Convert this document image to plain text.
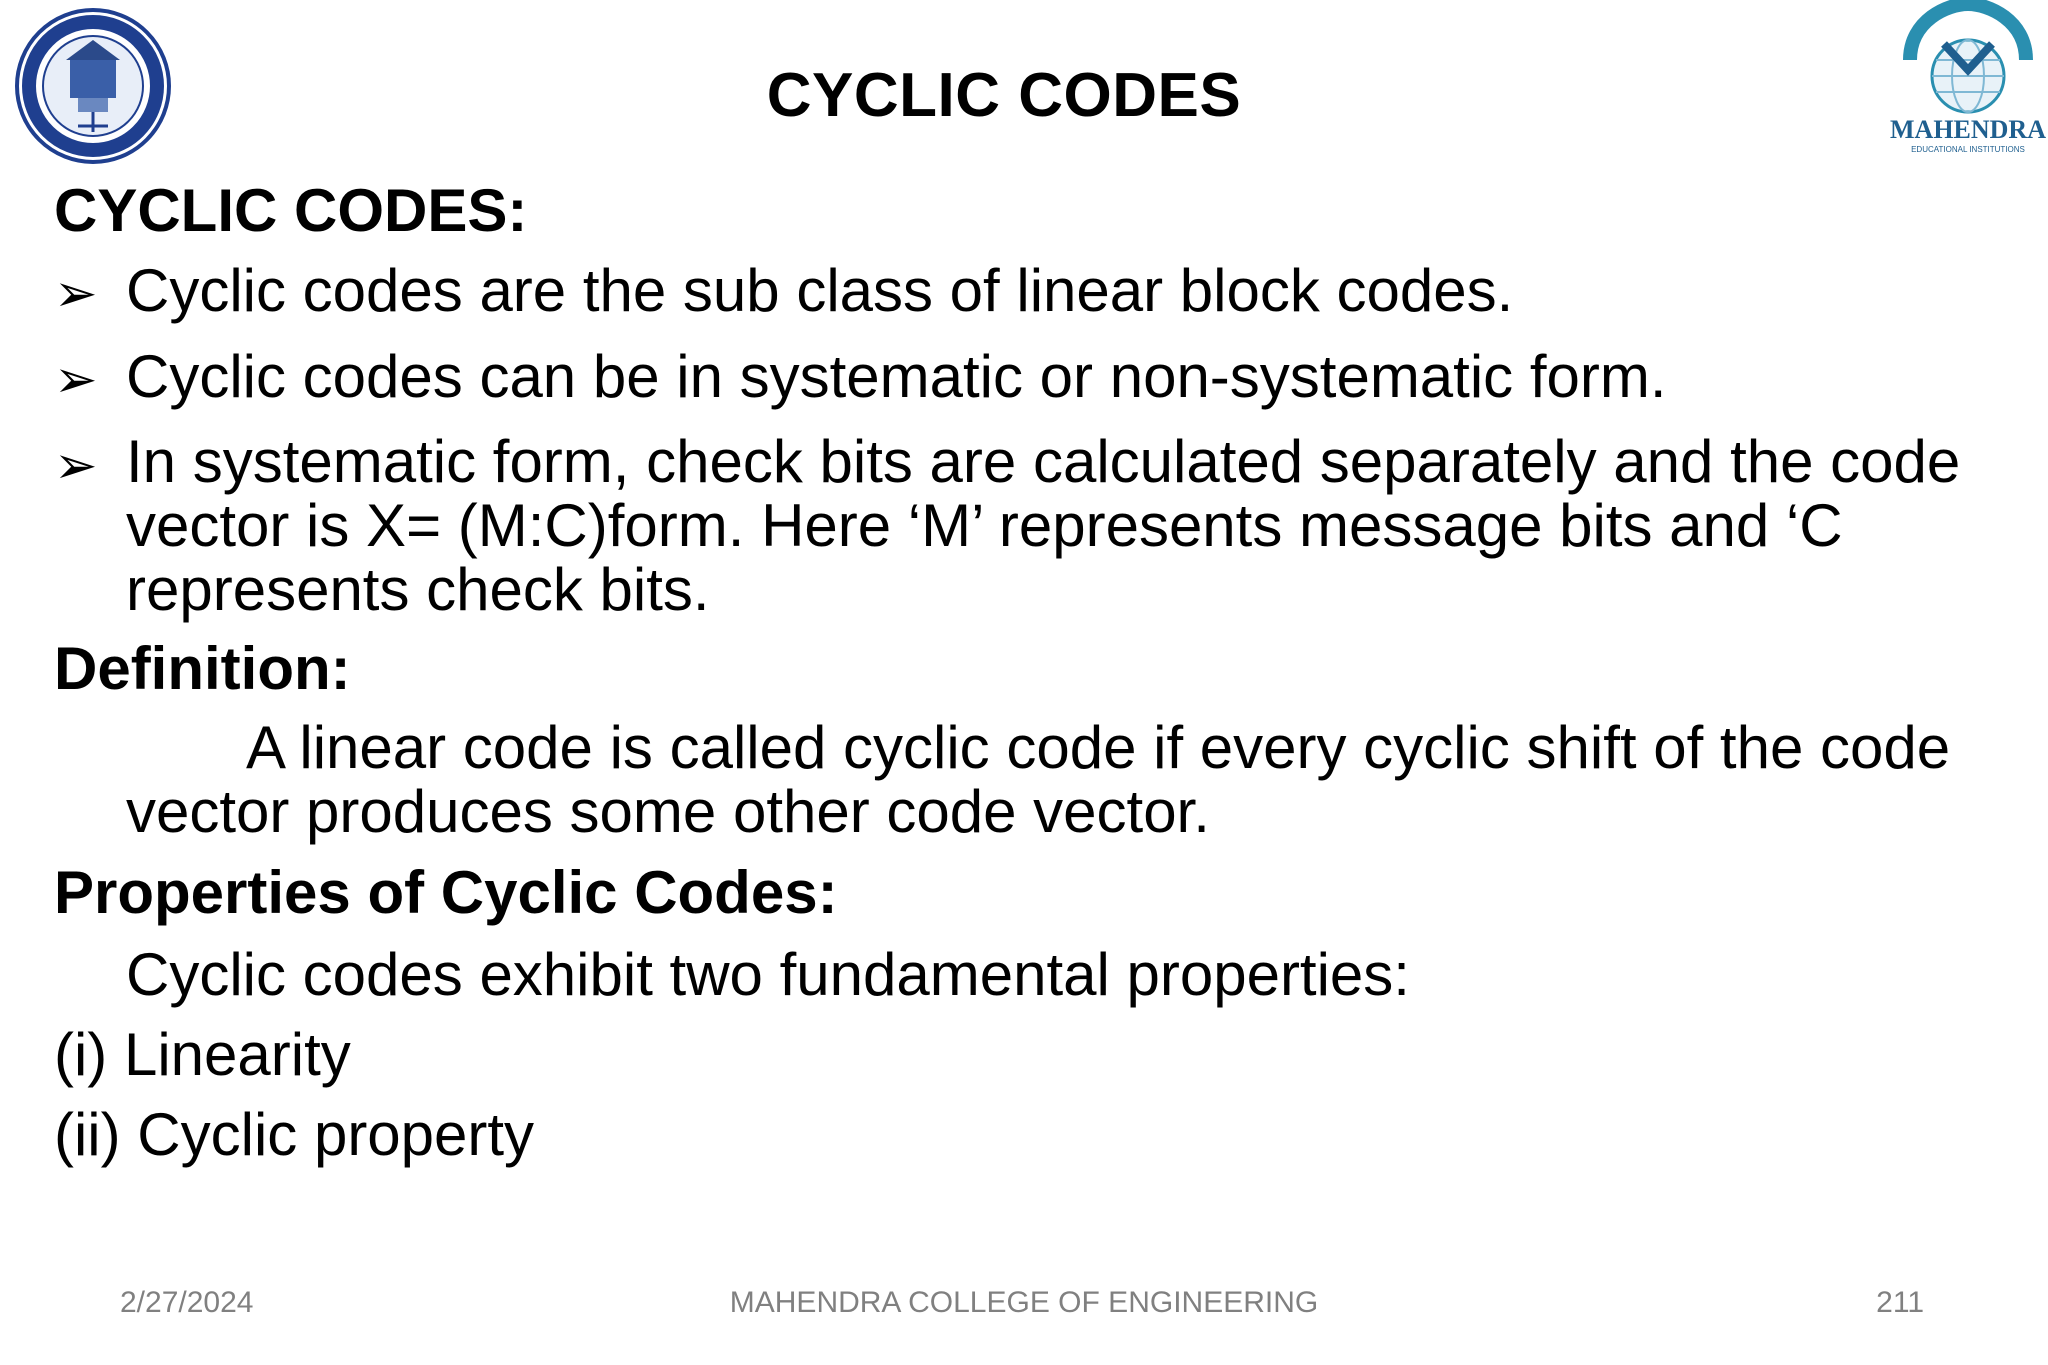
MAHENDRA
EDUCATIONAL INSTITUTIONS
CYCLIC CODES
CYCLIC CODES:
➢ Cyclic codes are the sub class of linear block codes.
➢ Cyclic codes can be in systematic or non-systematic form.
➢ In systematic form, check bits are calculated separately and the code vector is X= (M:C)form. Here ‘M’ represents message bits and ‘C represents check bits.
Definition:
A linear code is called cyclic code if every cyclic shift of the code vector produces some other code vector.
Properties of Cyclic Codes:
Cyclic codes exhibit two fundamental properties:
(i) Linearity
(ii) Cyclic property
2/27/2024	MAHENDRA COLLEGE OF ENGINEERING	211
